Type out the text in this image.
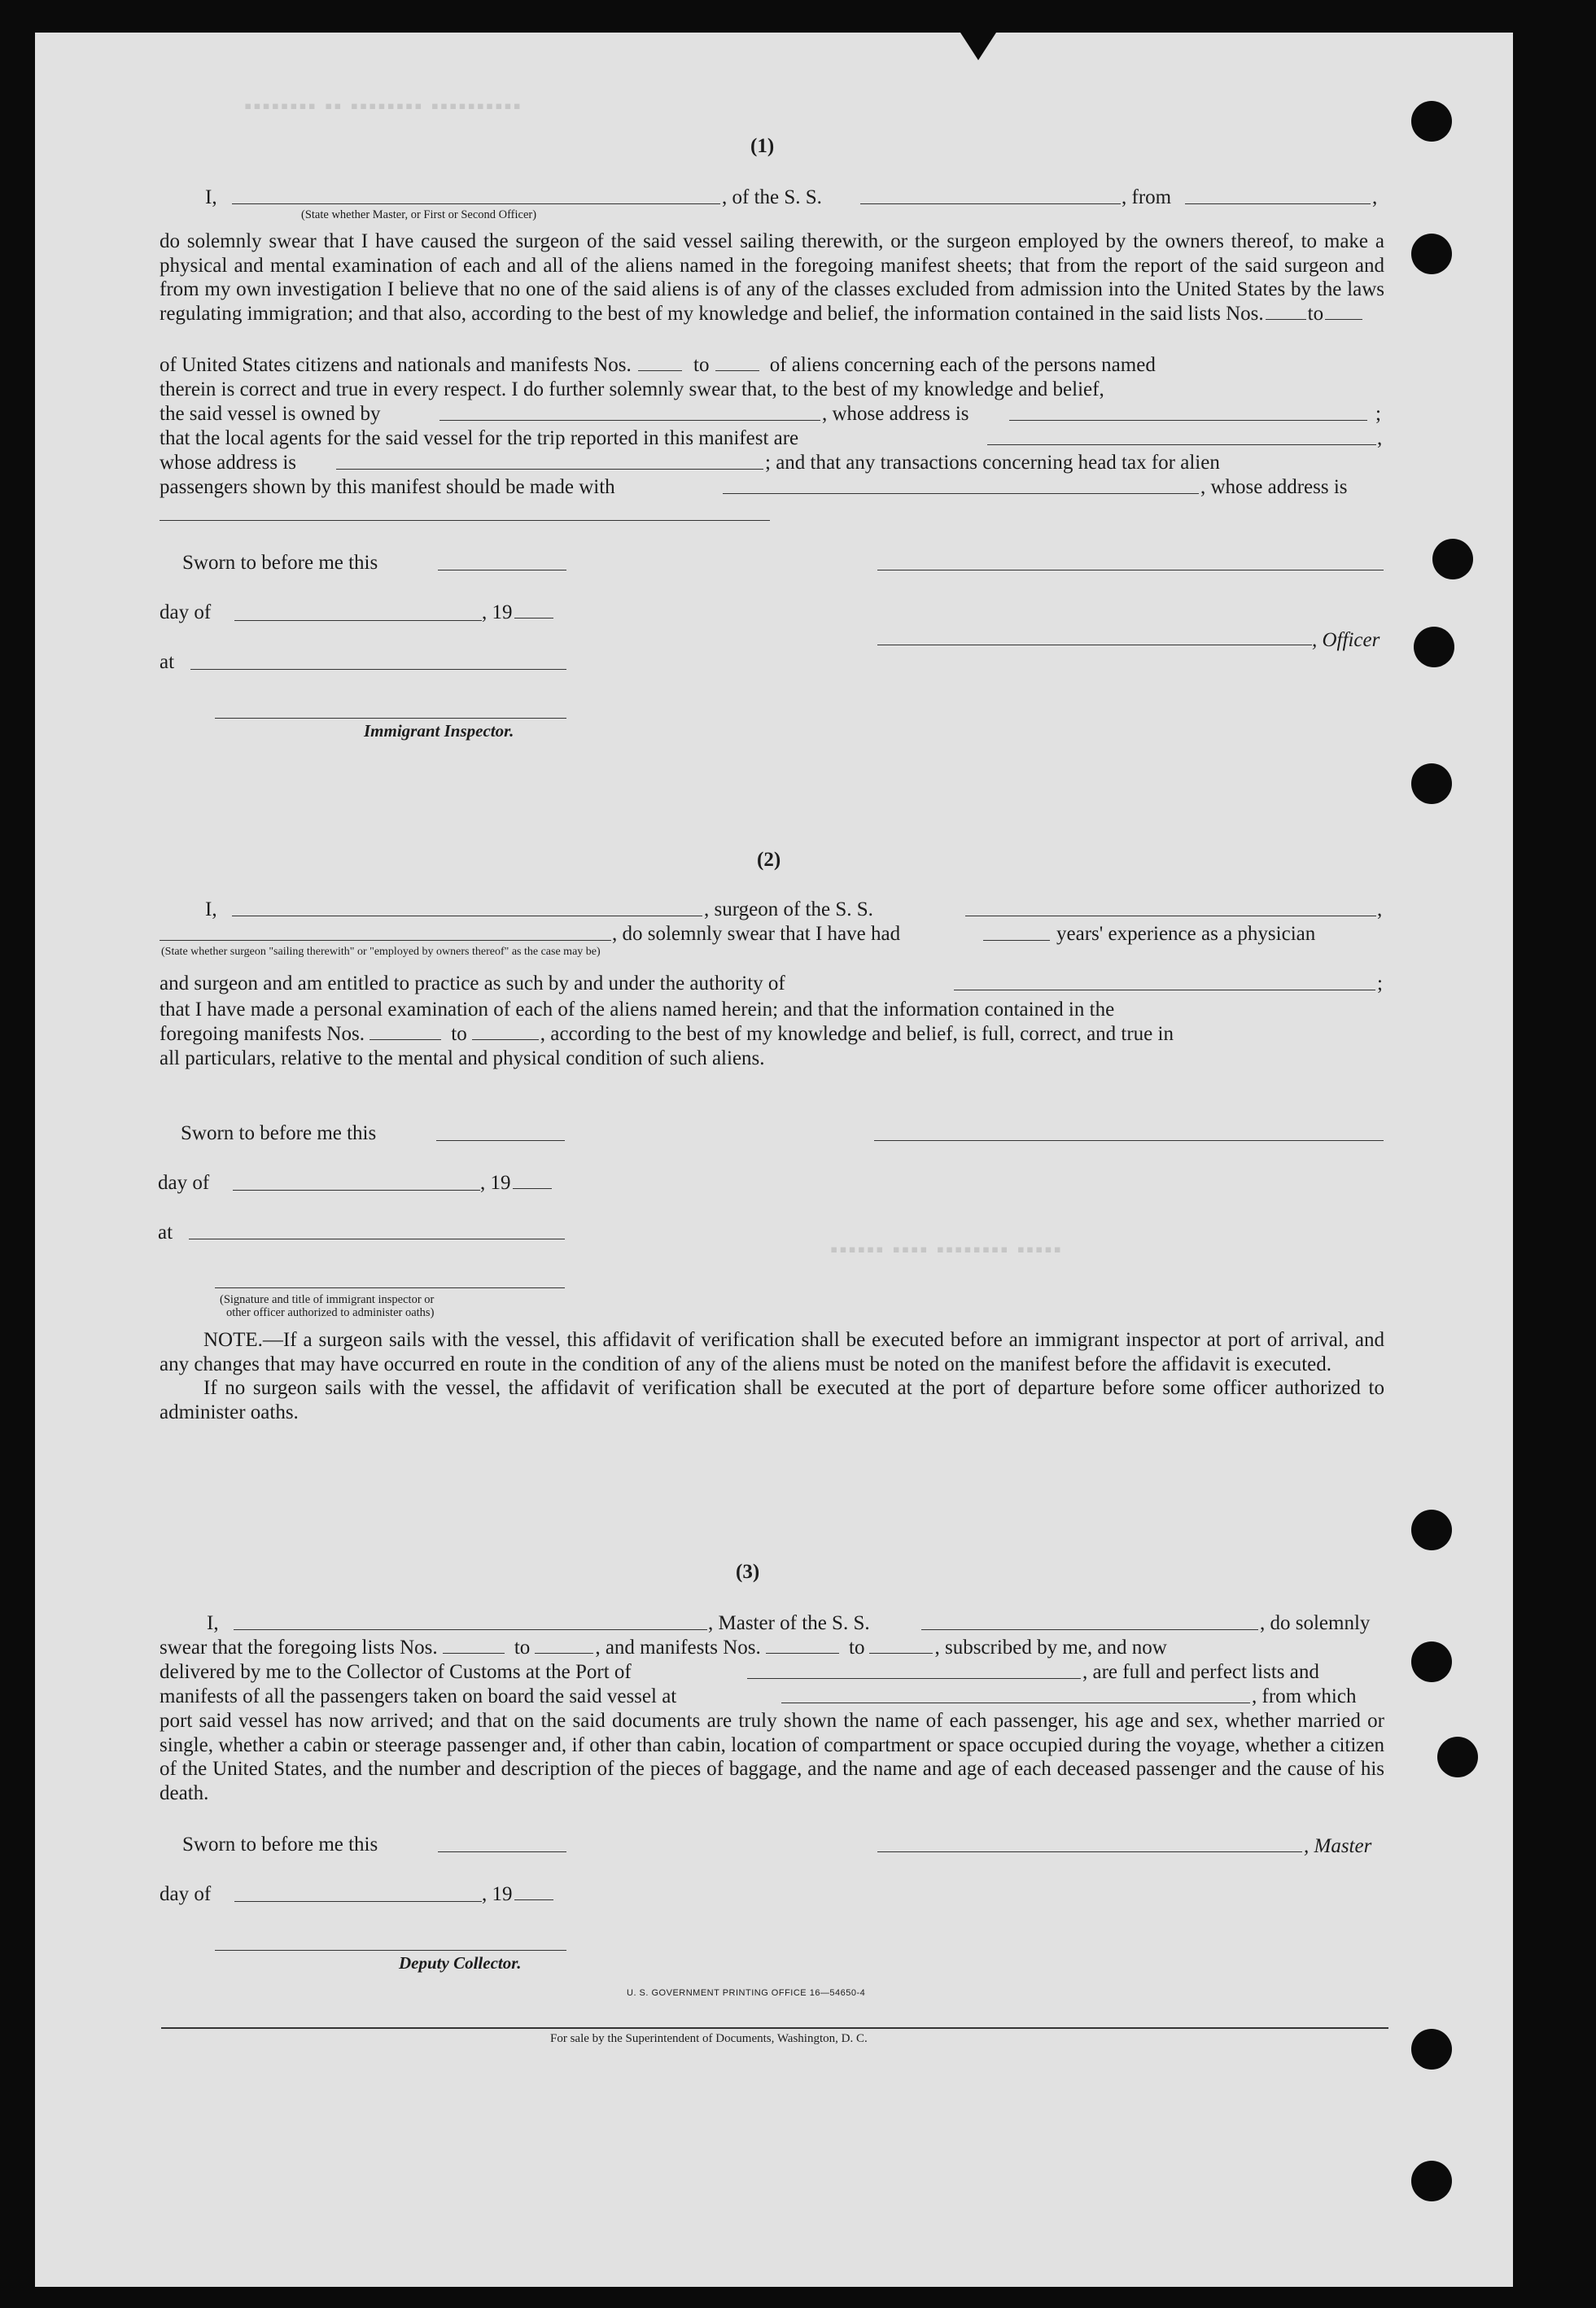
▪▪▪▪▪▪▪▪ ▪▪ ▪▪▪▪▪▪▪▪ ▪▪▪▪▪▪▪▪▪▪
▪▪▪▪▪▪ ▪▪▪▪ ▪▪▪▪▪▪▪▪ ▪▪▪▪▪
(1)
I,	, of the S. S.	, from	,
(State whether Master, or First or Second Officer)

do solemnly swear that I have caused the surgeon of the said vessel sailing therewith, or the surgeon employed by the owners thereof, to make a physical and mental examination of each and all of the aliens named in the foregoing manifest sheets; that from the report of the said surgeon and from my own investigation I believe that no one of the said aliens is of any of the classes excluded from admission into the United States by the laws regulating immigration; and that also, according to the best of my knowledge and belief, the information contained in the said lists Nos. to

of United States citizens and nationals and manifests Nos.	to	of aliens concerning each of the persons named
therein is correct and true in every respect. I do further solemnly swear that, to the best of my knowledge and belief,
the said vessel is owned by	, whose address is	;
that the local agents for the said vessel for the trip reported in this manifest are	,
whose address is	; and that any transactions concerning head tax for alien
passengers shown by this manifest should be made with	, whose address is
Sworn to before me this
day of	, 19
, Officer
at
Immigrant Inspector.
(2)
I,	, surgeon of the S. S.	,
, do solemnly swear that I have had	years' experience as a physician
(State whether surgeon "sailing therewith" or "employed by owners thereof" as the case may be)
and surgeon and am entitled to practice as such by and under the authority of	;
that I have made a personal examination of each of the aliens named herein; and that the information contained in the
foregoing manifests Nos.	to	, according to the best of my knowledge and belief, is full, correct, and true in
all particulars, relative to the mental and physical condition of such aliens.
Sworn to before me this
day of	, 19
at
(Signature and title of immigrant inspector or
other officer authorized to administer oaths)

NOTE.—If a surgeon sails with the vessel, this affidavit of verification shall be executed before an immigrant inspector at port of arrival, and any changes that may have occurred en route in the condition of any of the aliens must be noted on the manifest before the affidavit is executed.

If no surgeon sails with the vessel, the affidavit of verification shall be executed at the port of departure before some officer authorized to administer oaths.

(3)
I,	, Master of the S. S.	, do solemnly
swear that the foregoing lists Nos.	to	, and manifests Nos.	to	, subscribed by me, and now
delivered by me to the Collector of Customs at the Port of	, are full and perfect lists and
manifests of all the passengers taken on board the said vessel at	, from which
port said vessel has now arrived; and that on the said documents are truly shown the name of each passenger, his age and sex, whether married or single, whether a cabin or steerage passenger and, if other than cabin, location of compartment or space occupied during the voyage, whether a citizen of the United States, and the number and description of the pieces of baggage, and the name and age of each deceased passenger and the cause of his death.
Sworn to before me this	, Master
day of	, 19
Deputy Collector.
U. S. GOVERNMENT PRINTING OFFICE 16—54650-4
For sale by the Superintendent of Documents, Washington, D. C.
